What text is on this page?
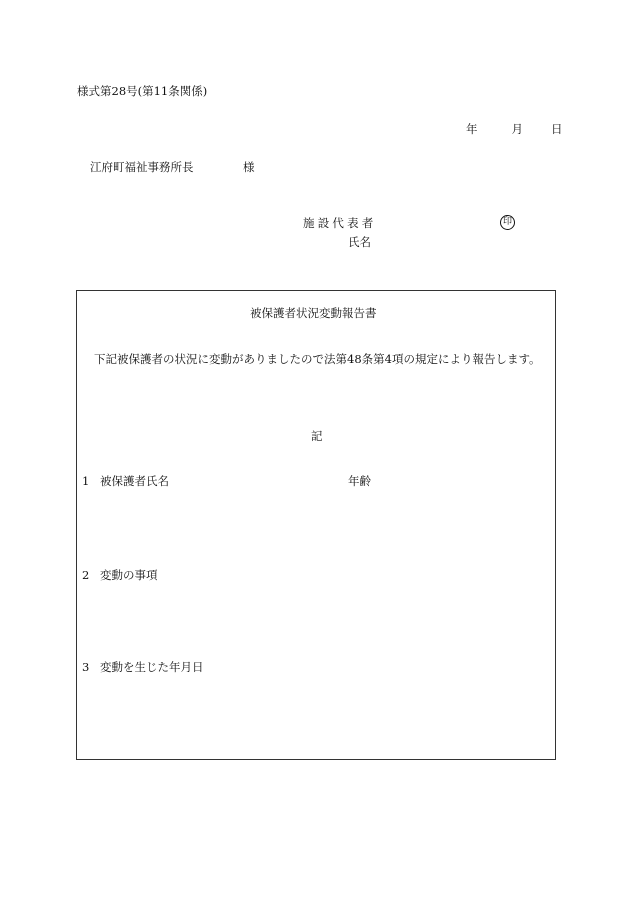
様式第28号(第11条関係)
年	月 日
江府町福祉事務所長	様
施設代表者	印
氏名
被保護者状況変動報告書
下記被保護者の状況に変動がありましたので法第48条第4項の規定により報告します。
記
1 被保護者氏名	年齢
2 変動の事項
3 変動を生じた年月日
